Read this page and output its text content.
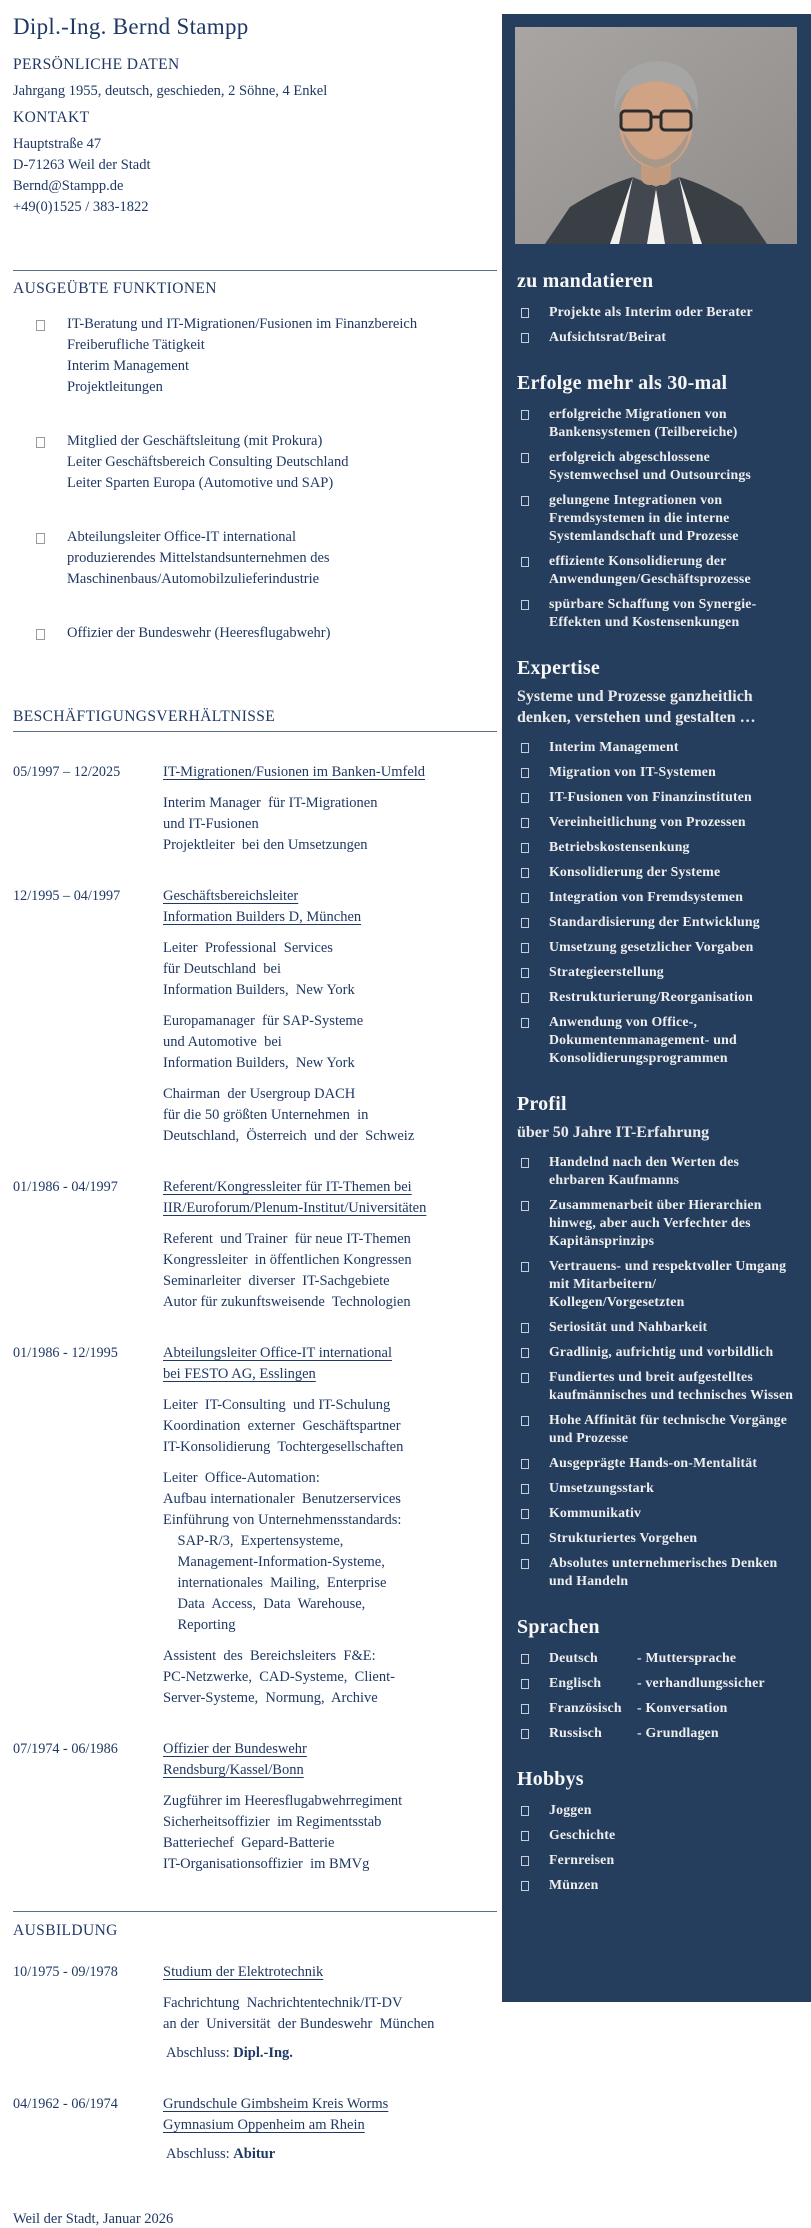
Dipl.-Ing. Bernd Stampp
PERSÖNLICHE DATEN
Jahrgang 1955, deutsch, geschieden, 2 Söhne, 4 Enkel
KONTAKT
Hauptstraße 47
D-71263 Weil der Stadt
Bernd@Stampp.de
+49(0)1525 / 383-1822
AUSGEÜBTE FUNKTIONEN
IT-Beratung und IT-Migrationen/Fusionen im Finanzbereich
Freiberufliche Tätigkeit
Interim Management
Projektleitungen
Mitglied der Geschäftsleitung (mit Prokura)
Leiter Geschäftsbereich Consulting Deutschland
Leiter Sparten Europa (Automotive und SAP)
Abteilungsleiter Office-IT international
produzierendes Mittelstandsunternehmen des
Maschinenbaus/Automobilzulieferindustrie
Offizier der Bundeswehr (Heeresflugabwehr)
BESCHÄFTIGUNGSVERHÄLTNISSE
05/1997 – 12/2025	IT-Migrationen/Fusionen im Banken-Umfeld
Interim Manager  für IT-Migrationen
und IT-Fusionen
Projektleiter  bei den Umsetzungen
12/1995 – 04/1997	Geschäftsbereichsleiter
Information Builders D, München
Leiter  Professional  Services
für Deutschland  bei
Information Builders,  New York
Europamanager  für SAP-Systeme
und Automotive  bei
Information Builders,  New York
Chairman  der Usergroup DACH
für die 50 größten Unternehmen  in
Deutschland,  Österreich  und der  Schweiz
01/1986 - 04/1997	Referent/Kongressleiter für IT-Themen bei
IIR/Euroforum/Plenum-Institut/Universitäten
Referent  und Trainer  für neue IT-Themen
Kongressleiter  in öffentlichen Kongressen
Seminarleiter  diverser  IT-Sachgebiete
Autor für zukunftsweisende  Technologien
01/1986 - 12/1995	Abteilungsleiter Office-IT international
bei FESTO AG, Esslingen
Leiter  IT-Consulting  und IT-Schulung
Koordination  externer  Geschäftspartner
IT-Konsolidierung  Tochtergesellschaften
Leiter  Office-Automation:
Aufbau internationaler  Benutzerservices
Einführung von Unternehmensstandards:
SAP-R/3,  Expertensysteme,
Management-Information-Systeme,
internationales  Mailing,  Enterprise
Data  Access,  Data  Warehouse,
Reporting
Assistent  des  Bereichsleiters  F&E:
PC-Netzwerke,  CAD-Systeme,  Client-
Server-Systeme,  Normung,  Archive
07/1974 - 06/1986	Offizier der Bundeswehr
Rendsburg/Kassel/Bonn
Zugführer im Heeresflugabwehrregiment
Sicherheitsoffizier  im Regimentsstab
Batteriechef  Gepard-Batterie
IT-Organisationsoffizier  im BMVg
AUSBILDUNG
10/1975 - 09/1978	Studium der Elektrotechnik
Fachrichtung  Nachrichtentechnik/IT-DV
an der  Universität  der Bundeswehr  München
Abschluss: Dipl.-Ing.
04/1962 - 06/1974	Grundschule Gimbsheim Kreis Worms
Gymnasium Oppenheim am Rhein
Abschluss: Abitur
Weil der Stadt, Januar 2026
zu mandatieren
Projekte als Interim oder Berater
Aufsichtsrat/Beirat
Erfolge mehr als 30-mal
erfolgreiche Migrationen von Bankensystemen (Teilbereiche)
erfolgreich abgeschlossene Systemwechsel und Outsourcings
gelungene Integrationen von Fremdsystemen in die interne Systemlandschaft und Prozesse
effiziente Konsolidierung der Anwendungen/Geschäftsprozesse
spürbare Schaffung von Synergie-Effekten und Kostensenkungen
Expertise
Systeme und Prozesse ganzheitlich denken, verstehen und gestalten …
Interim Management
Migration von IT-Systemen
IT-Fusionen von Finanzinstituten
Vereinheitlichung von Prozessen
Betriebskostensenkung
Konsolidierung der Systeme
Integration von Fremdsystemen
Standardisierung der Entwicklung
Umsetzung gesetzlicher Vorgaben
Strategieerstellung
Restrukturierung/Reorganisation
Anwendung von Office-, Dokumentenmanagement- und Konsolidierungsprogrammen
Profil
über 50 Jahre IT-Erfahrung
Handelnd nach den Werten des ehrbaren Kaufmanns
Zusammenarbeit über Hierarchien hinweg, aber auch Verfechter des Kapitänsprinzips
Vertrauens- und respektvoller Umgang mit Mitarbeitern/ Kollegen/Vorgesetzten
Seriosität und Nahbarkeit
Gradlinig, aufrichtig und vorbildlich
Fundiertes und breit aufgestelltes kaufmännisches und technisches Wissen
Hohe Affinität für technische Vorgänge und Prozesse
Ausgeprägte Hands-on-Mentalität
Umsetzungsstark
Kommunikativ
Strukturiertes Vorgehen
Absolutes unternehmerisches Denken und Handeln
Sprachen
Deutsch	- Muttersprache
Englisch	- verhandlungssicher
Französisch - Konversation
Russisch	- Grundlagen
Hobbys
Joggen
Geschichte
Fernreisen
Münzen
